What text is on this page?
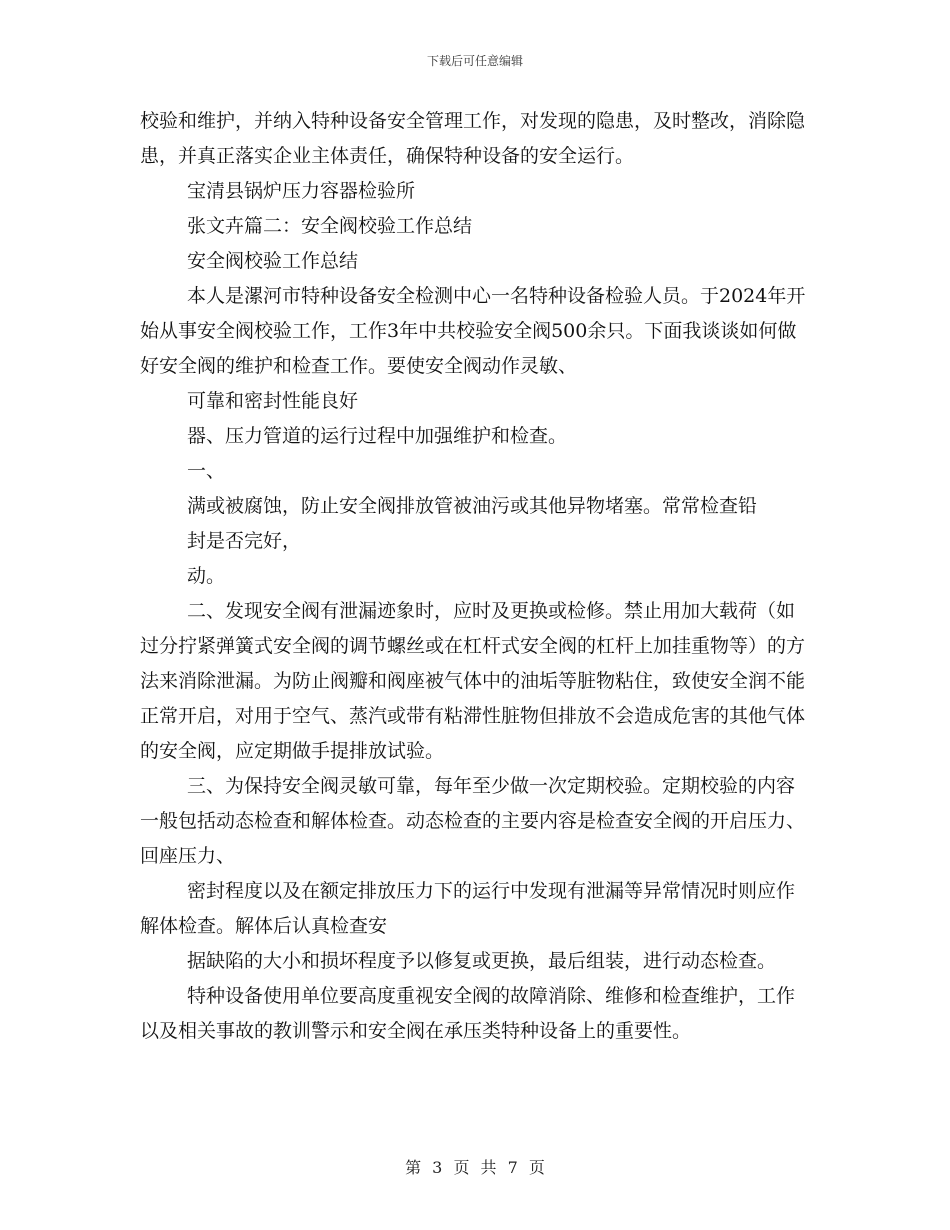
下载后可任意编辑

校验和维护，并纳入特种设备安全管理工作，对发现的隐患，及时整改，消除隐患，并真正落实企业主体责任，确保特种设备的安全运行。

宝清县锅炉压力容器检验所

张文卉篇二：安全阀校验工作总结

安全阀校验工作总结

本人是漯河市特种设备安全检测中心一名特种设备检验人员。于2024年开始从事安全阀校验工作，工作3年中共校验安全阀500余只。下面我谈谈如何做好安全阀的维护和检查工作。要使安全阀动作灵敏、

可靠和密封性能良好

器、压力管道的运行过程中加强维护和检查。

一、

满或被腐蚀，防止安全阀排放管被油污或其他异物堵塞。常常检查铅

封是否完好，

动。

二、发现安全阀有泄漏迹象时，应时及更换或检修。禁止用加大载荷（如过分拧紧弹簧式安全阀的调节螺丝或在杠杆式安全阀的杠杆上加挂重物等）的方法来消除泄漏。为防止阀瓣和阀座被气体中的油垢等脏物粘住，致使安全润不能正常开启，对用于空气、蒸汽或带有粘滞性脏物但排放不会造成危害的其他气体的安全阀，应定期做手提排放试验。

三、为保持安全阀灵敏可靠，每年至少做一次定期校验。定期校验的内容一般包括动态检查和解体检查。动态检查的主要内容是检查安全阀的开启压力、回座压力、

密封程度以及在额定排放压力下的运行中发现有泄漏等异常情况时则应作解体检查。解体后认真检查安

据缺陷的大小和损坏程度予以修复或更换，最后组装，进行动态检查。

特种设备使用单位要高度重视安全阀的故障消除、维修和检查维护，工作以及相关事故的教训警示和安全阀在承压类特种设备上的重要性。

第 3 页 共 7 页
